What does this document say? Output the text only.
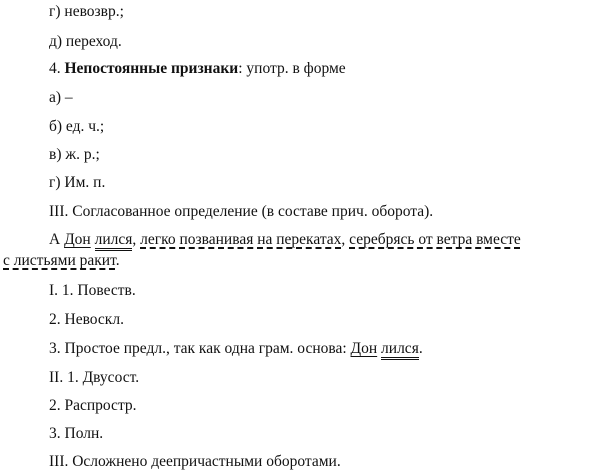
г) невозвр.;
д) переход.
4. Непостоянные признаки: употр. в форме
а) –
б) ед. ч.;
в) ж. р.;
г) Им. п.
III. Согласованное определение (в составе прич. оборота).
А Дон лился, легко позванивая на перекатах, серебрясь от ветра вместе
с листьями ракит.
I. 1. Повеств.
2. Невоскл.
3. Простое предл., так как одна грам. основа: Дон лился.
II. 1. Двусост.
2. Распростр.
3. Полн.
III. Осложнено деепричастными оборотами.
